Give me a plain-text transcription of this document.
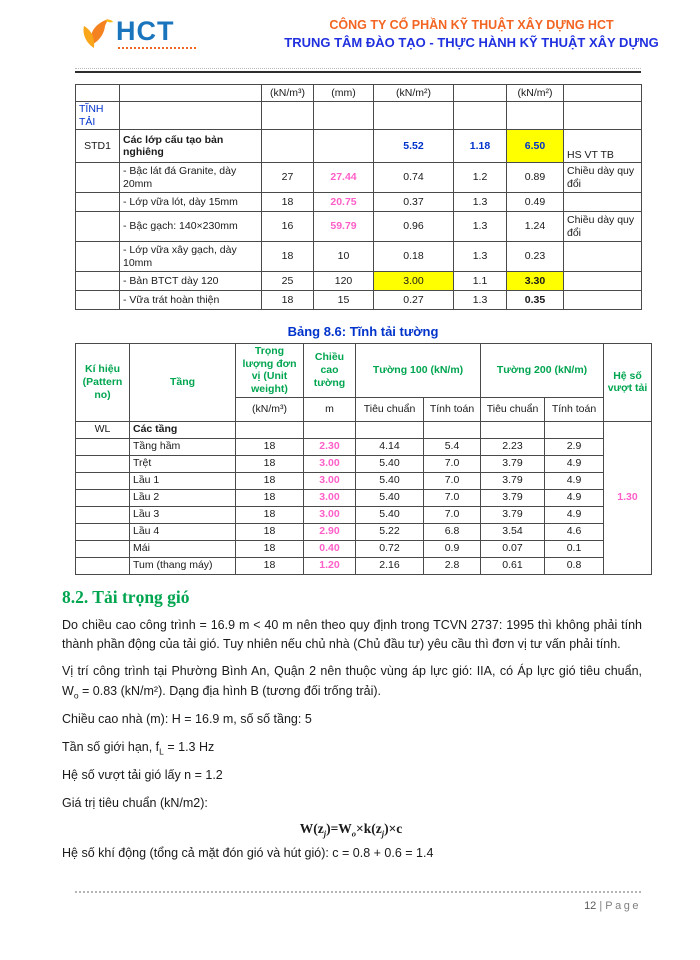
HCT	CÔNG TY CỔ PHẦN KỸ THUẬT XÂY DỰNG HCT
TRUNG TÂM ĐÀO TẠO - THỰC HÀNH KỸ THUẬT XÂY DỰNG
		(kN/m³)	(mm)	(kN/m²)		(kN/m²)	
TĨNH TẢI							
STD1	Các lớp cấu tạo bản nghiêng			5.52	1.18	6.50	HS VT TB
	- Bậc lát đá Granite, dày 20mm	27	27.44	0.74	1.2	0.89	Chiều dày quy đổi
	- Lớp vữa lót, dày 15mm	18	20.75	0.37	1.3	0.49	
	- Bậc gạch: 140×230mm	16	59.79	0.96	1.3	1.24	Chiều dày quy đổi
	- Lớp vữa xây gạch, dày 10mm	18	10	0.18	1.3	0.23	
	- Bản BTCT dày 120	25	120	3.00	1.1	3.30	
	- Vữa trát hoàn thiện	18	15	0.27	1.3	0.35	
Bảng 8.6: Tĩnh tải tường
Kí hiệu (Pattern no)	Tầng	Trọng lượng đơn vị (Unit weight)	Chiều cao tường	Tường 100 (kN/m)		Tường 200 (kN/m)		Hệ số vượt tải
		(kN/m³)	m	Tiêu chuẩn	Tính toán	Tiêu chuẩn	Tính toán	
WL	Các tầng							1.30
	Tầng hầm	18	2.30	4.14	5.4	2.23	2.9	
	Trệt	18	3.00	5.40	7.0	3.79	4.9	
	Lầu 1	18	3.00	5.40	7.0	3.79	4.9	
	Lầu 2	18	3.00	5.40	7.0	3.79	4.9	
	Lầu 3	18	3.00	5.40	7.0	3.79	4.9	
	Lầu 4	18	2.90	5.22	6.8	3.54	4.6	
	Mái	18	0.40	0.72	0.9	0.07	0.1	
	Tum (thang máy)	18	1.20	2.16	2.8	0.61	0.8	
8.2. Tải trọng gió

Do chiều cao công trình = 16.9 m < 40 m nên theo quy định trong TCVN 2737: 1995 thì không phải tính thành phần động của tải gió. Tuy nhiên nếu chủ nhà (Chủ đầu tư) yêu cầu thì đơn vị tư vấn phải tính.

Vị trí công trình tại Phường Bình An, Quận 2 nên thuộc vùng áp lực gió: IIA, có Áp lực gió tiêu chuẩn, $W_o = 0.83$ (kN/m²). Dạng địa hình B (tương đối trống trải).

Chiều cao nhà (m): H = 16.9 m, số số tầng: 5

Tần số giới hạn, $f_L = 1.3$ Hz

Hệ số vượt tải gió lấy n = 1.2

Giá trị tiêu chuẩn (kN/m2):

$W(z_j)=W_o\times k(z_j)\times c$

Hệ số khí động (tổng cả mặt đón gió và hút gió): c = 0.8 + 0.6 = 1.4

12 | Page
